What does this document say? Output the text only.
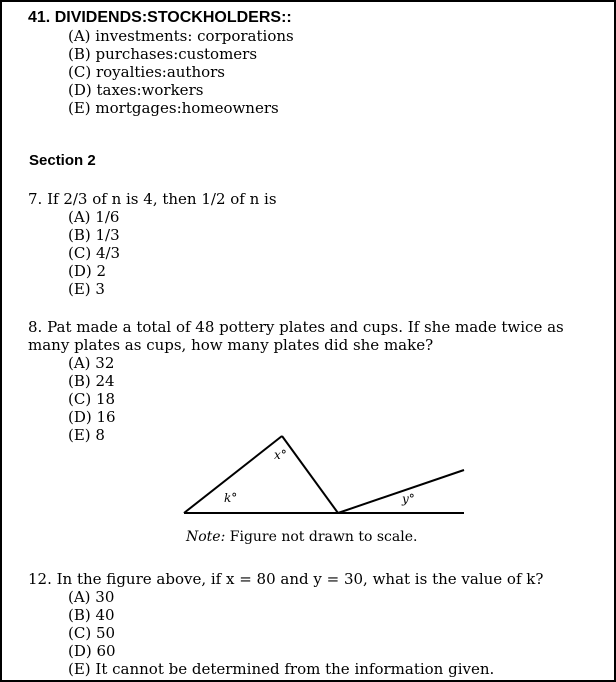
41. DIVIDENDS:STOCKHOLDERS::
(A) investments: corporations
(B) purchases:customers
(C) royalties:authors
(D) taxes:workers
(E) mortgages:homeowners
Section 2
7. If 2/3 of n is 4, then 1/2 of n is
(A) 1/6
(B) 1/3
(C) 4/3
(D) 2
(E) 3
8. Pat made a total of 48 pottery plates and cups. If she made twice as many plates as cups, how many plates did she make?
(A) 32
(B) 24
(C) 18
(D) 16
(E) 8
x°
k°	y°
Note: Figure not drawn to scale.
12. In the figure above, if x = 80 and y = 30, what is the value of k?
(A) 30
(B) 40
(C) 50
(D) 60
(E) It cannot be determined from the information given.
